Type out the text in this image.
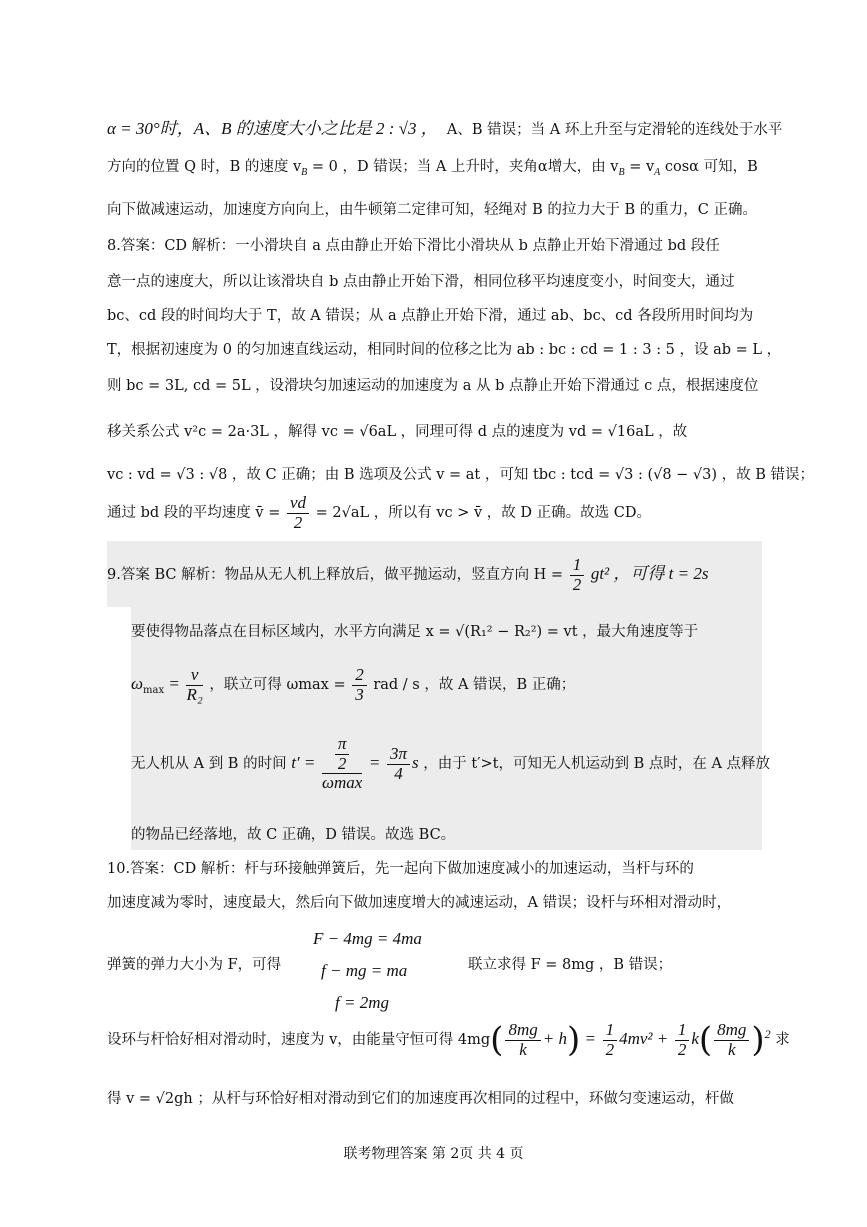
α = 30°时，A、B 的速度大小之比是 2 : √3 ， A、B 错误；当 A 环上升至与定滑轮的连线处于水平
方向的位置 Q 时，B 的速度 $v_B = 0$ ，D 错误；当 A 上升时，夹角α增大，由 $v_B = v_A$ cosα 可知，B
向下做减速运动，加速度方向向上，由牛顿第二定律可知，轻绳对 B 的拉力大于 B 的重力，C 正确。
8.答案：CD 解析：一小滑块自 a 点由静止开始下滑比小滑块从 b 点静止开始下滑通过 bd 段任
意一点的速度大，所以让该滑块自 b 点由静止开始下滑，相同位移平均速度变小，时间变大，通过
bc、cd 段的时间均大于 T，故 A 错误；从 a 点静止开始下滑，通过 ab、bc、cd 各段所用时间均为
T，根据初速度为 0 的匀加速直线运动，相同时间的位移之比为 ab : bc : cd = 1 : 3 : 5 ，设 ab = L ，
则 bc = 3L, cd = 5L ，设滑块匀加速运动的加速度为 a 从 b 点静止开始下滑通过 c 点，根据速度位
移关系公式 v²c = 2a·3L ，解得 vc = √6aL ，同理可得 d 点的速度为 vd = √16aL ，故
vc : vd = √3 : √8 ，故 C 正确；由 B 选项及公式 v = at ，可知 tbc : tcd = √3 : (√8 − √3) ，故 B 错误；
通过 bd 段的平均速度 v̄ = $\frac{vd}{2} = 2√aL$ ，所以有 vc > v̄ ，故 D 正确。故选 CD。
9.答案 BC 解析：物品从无人机上释放后，做平抛运动，竖直方向 $H = \frac{1}{2} gt^2$ ，可得 t = 2s
要使得物品落点在目标区域内，水平方向满足 x = √(R₁² − R₂²) = vt ，最大角速度等于
$\omega_{max} = \frac{v}{\text{R₂}}$ ，联立可得 $\omega\max = \frac{2}{3}$ rad / s ，故 A 错误，B 正确；
无人机从 A 到 B 的时间 $t' = \frac{\frac{\pi}{2}}{\omega\max} = \frac{3\pi}{4}$ s ，由于 t′>t，可知无人机运动到 B 点时，在 A 点释放
的物品已经落地，故 C 正确，D 错误。故选 BC。
10.答案：CD 解析：杆与环接触弹簧后，先一起向下做加速度减小的加速运动，当杆与环的
加速度减为零时，速度最大，然后向下做加速度增大的减速运动，A 错误；设杆与环相对滑动时，
F − 4mg = 4ma
f − mg = ma
f = 2mg
弹簧的弹力大小为 F，可得	联立求得 F = 8mg ，B 错误；
设环与杆恰好相对滑动时，速度为 v，由能量守恒可得 $4mg( \frac{8mg}{k} + h) = \frac{1}{2} 4mv^2 + \frac{1}{2} k( \frac{8mg}{k} )^2$ 求
得 v = √2gh ；从杆与环恰好相对滑动到它们的加速度再次相同的过程中，环做匀变速运动，杆做
联考物理答案 第 2页 共 4 页
